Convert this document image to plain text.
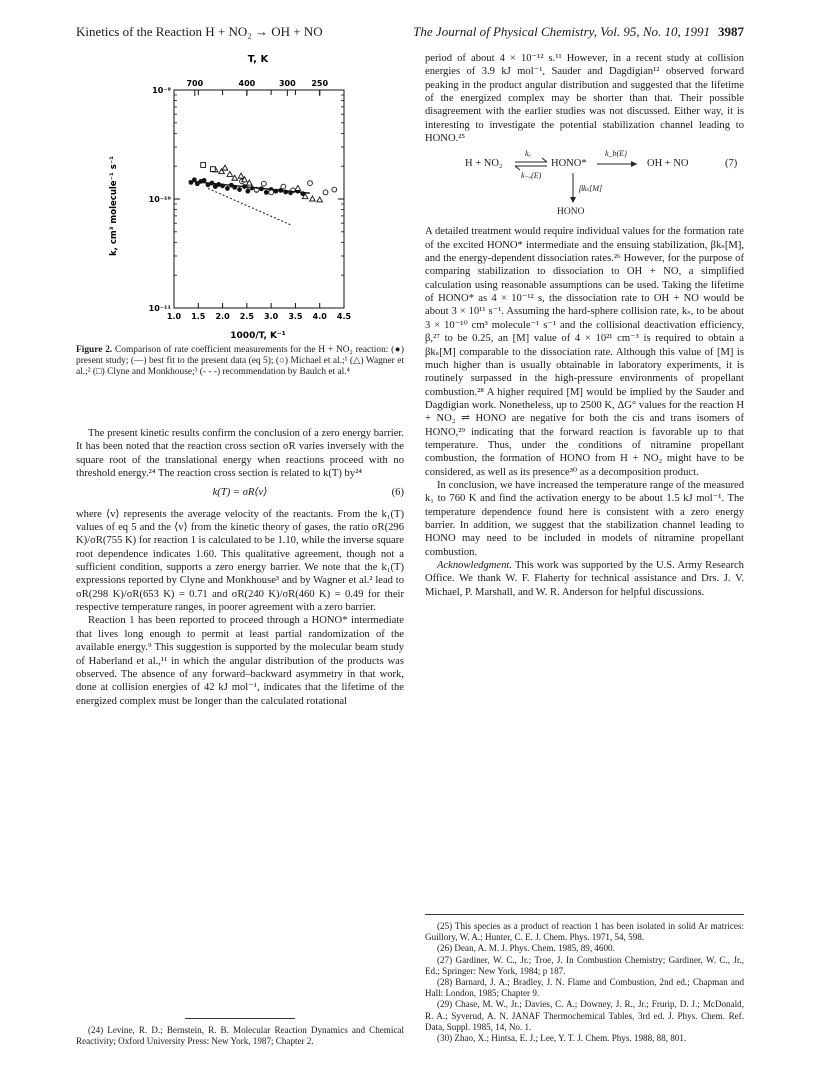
Kinetics of the Reaction H + NO₂ → OH + NO	The Journal of Physical Chemistry, Vol. 95, No. 10, 1991 3987
T, K
1000/T, K⁻¹
k, cm³ molecule⁻¹ s⁻¹
1.0 1.5 2.0 2.5 3.0 3.5 4.0 4.5
10⁻⁹
10⁻¹⁰
10⁻¹¹
700	400	300 250
Figure 2. Comparison of rate coefficient measurements for the H + NO₂ reaction: (●) present study; (—) best fit to the present data (eq 5); (○) Michael et al.;¹ (△) Wagner et al.;² (□) Clyne and Monkhouse;³ (- - -) recommendation by Baulch et al.⁴

The present kinetic results confirm the conclusion of a zero energy barrier. It has been noted that the reaction cross section σR varies inversely with the square root of the translational energy when reactions proceed with no threshold energy.²⁴ The reaction cross section is related to k(T) by²⁴

k(T) = σR⟨v⟩	(6)

where ⟨v⟩ represents the average velocity of the reactants. From the k₁(T) values of eq 5 and the ⟨v⟩ from the kinetic theory of gases, the ratio σR(296 K)/σR(755 K) for reaction 1 is calculated to be 1.10, while the inverse square root dependence indicates 1.60. This qualitative agreement, though not a sufficient condition, supports a zero energy barrier. We note that the k₁(T) expressions reported by Clyne and Monkhouse³ and by Wagner et al.² lead to σR(298 K)/σR(653 K) = 0.71 and σR(240 K)/σR(460 K) = 0.49 for their respective temperature ranges, in poorer agreement with a zero barrier.

Reaction 1 has been reported to proceed through a HONO* intermediate that lives long enough to permit at least partial randomization of the available energy.⁹ This suggestion is supported by the molecular beam study of Haberland et al.,¹¹ in which the angular distribution of the products was observed. The absence of any forward–backward asymmetry in that work, done at collision energies of 42 kJ mol⁻¹, indicates that the lifetime of the energized complex must be longer than the calculated rotational

(24) Levine, R. D.; Bernstein, R. B. Molecular Reaction Dynamics and Chemical Reactivity; Oxford University Press: New York, 1987; Chapter 2.

period of about 4 × 10⁻¹² s.¹¹ However, in a recent study at collision energies of 3.9 kJ mol⁻¹, Sauder and Dagdigian¹² observed forward peaking in the product angular distribution and suggested that the lifetime of the energized complex may be shorter than that. Their possible disagreement with the earlier studies was not discussed. Either way, it is interesting to investigate the potential stabilization channel leading to HONO.²⁵

H + NO₂
kₐ
k₋ₐ(E)
HONO*
k_b(E)
OH + NO	(7)
βkₛ[M]
HONO

A detailed treatment would require individual values for the formation rate of the excited HONO* intermediate and the ensuing stabilization, βkₛ[M], and the energy-dependent dissociation rates.²⁶ However, for the purpose of comparing stabilization to dissociation to OH + NO, a simplified calculation using reasonable assumptions can be used. Taking the lifetime of HONO* as 4 × 10⁻¹² s, the dissociation rate to OH + NO would be about 3 × 10¹¹ s⁻¹. Assuming the hard-sphere collision rate, kₛ, to be about 3 × 10⁻¹⁰ cm³ molecule⁻¹ s⁻¹ and the collisional deactivation efficiency, β,²⁷ to be 0.25, an [M] value of 4 × 10²¹ cm⁻³ is required to obtain a βkₛ[M] comparable to the dissociation rate. Although this value of [M] is much higher than is usually obtainable in laboratory experiments, it is routinely surpassed in the high-pressure environments of propellant combustion.²⁸ A higher required [M] would be implied by the Sauder and Dagdigian work. Nonetheless, up to 2500 K, ΔG° values for the reaction H + NO₂ ⇌ HONO are negative for both the cis and trans isomers of HONO,²⁹ indicating that the forward reaction is favorable up to that temperature. Thus, under the conditions of nitramine propellant combustion, the formation of HONO from H + NO₂ might have to be considered, as well as its presence³⁰ as a decomposition product.

In conclusion, we have increased the temperature range of the measured k₁ to 760 K and find the activation energy to be about 1.5 kJ mol⁻¹. The temperature dependence found here is consistent with a zero energy barrier. In addition, we suggest that the stabilization channel leading to HONO may need to be included in models of nitramine propellant combustion.

Acknowledgment. This work was supported by the U.S. Army Research Office. We thank W. F. Flaherty for technical assistance and Drs. J. V. Michael, P. Marshall, and W. R. Anderson for helpful discussions.

(25) This species as a product of reaction 1 has been isolated in solid Ar matrices: Guillory, W. A.; Hunter, C. E. J. Chem. Phys. 1971, 54, 598.
(26) Dean, A. M. J. Phys. Chem. 1985, 89, 4600.
(27) Gardiner, W. C., Jr.; Troe, J. In Combustion Chemistry; Gardiner, W. C., Jr., Ed.; Springer: New York, 1984; p 187.
(28) Barnard, J. A.; Bradley, J. N. Flame and Combustion, 2nd ed.; Chapman and Hall: London, 1985; Chapter 9.
(29) Chase, M. W., Jr.; Davies, C. A.; Downey, J. R., Jr.; Frurip, D. J.; McDonald, R. A.; Syverud, A. N. JANAF Thermochemical Tables, 3rd ed. J. Phys. Chem. Ref. Data, Suppl. 1985, 14, No. 1.
(30) Zhao, X.; Hintsa, E. J.; Lee, Y. T. J. Chem. Phys. 1988, 88, 801.
